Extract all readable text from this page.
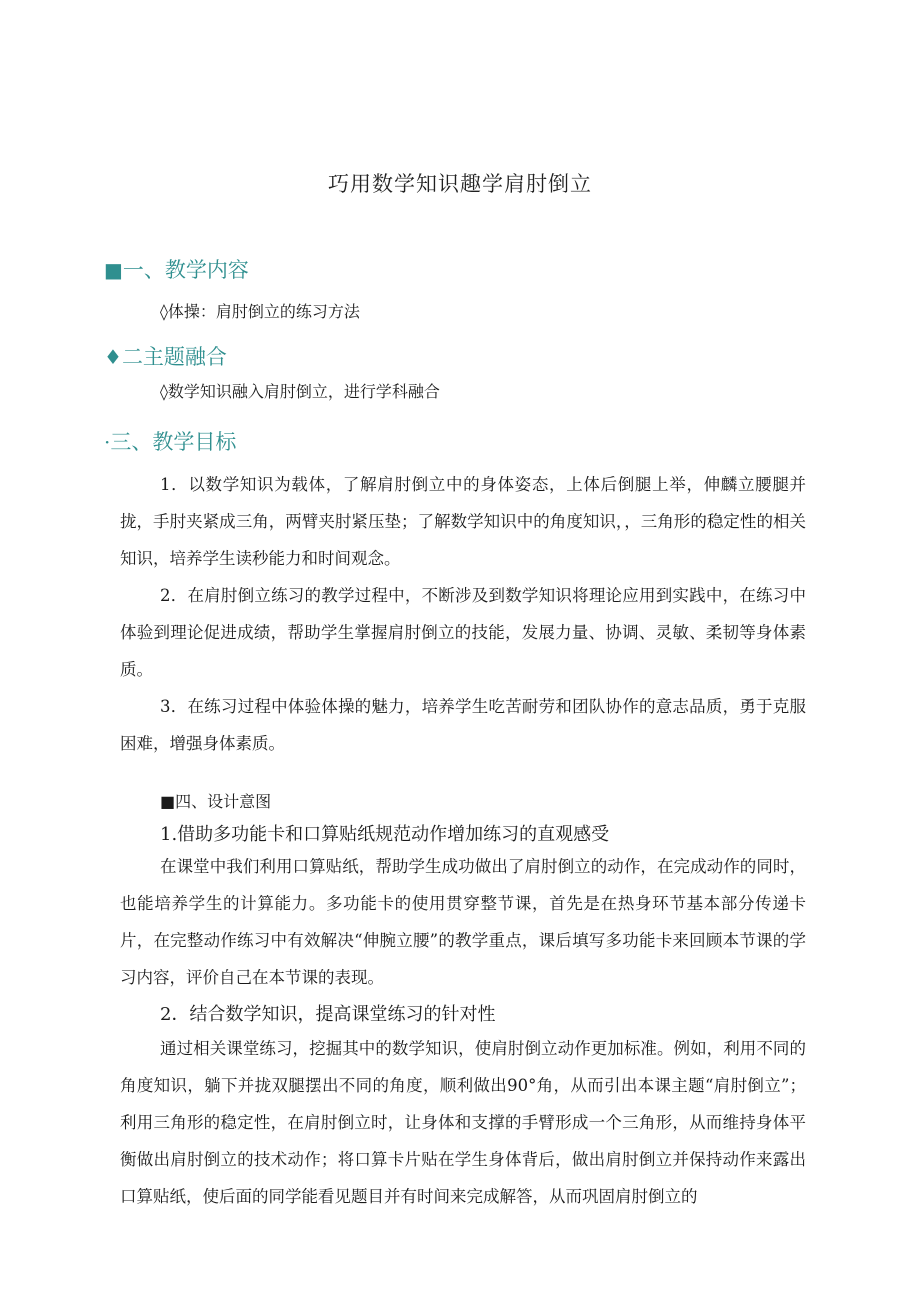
巧用数学知识趣学肩肘倒立
■一、教学内容
◊体操：肩肘倒立的练习方法
♦二主题融合
◊数学知识融入肩肘倒立，进行学科融合
·三、教学目标

1．以数学知识为载体，了解肩肘倒立中的身体姿态，上体后倒腿上举，伸麟立腰腿并拢，手肘夹紧成三角，两臂夹肘紧压垫；了解数学知识中的角度知识，，三角形的稳定性的相关知识，培养学生读秒能力和时间观念。

2．在肩肘倒立练习的教学过程中，不断涉及到数学知识将理论应用到实践中，在练习中体验到理论促进成绩，帮助学生掌握肩肘倒立的技能，发展力量、协调、灵敏、柔韧等身体素质。

3．在练习过程中体验体操的魅力，培养学生吃苦耐劳和团队协作的意志品质，勇于克服困难，增强身体素质。

■四、设计意图
1.借助多功能卡和口算贴纸规范动作增加练习的直观感受

在课堂中我们利用口算贴纸，帮助学生成功做出了肩肘倒立的动作，在完成动作的同时，也能培养学生的计算能力。多功能卡的使用贯穿整节课，首先是在热身环节基本部分传递卡片，在完整动作练习中有效解决“伸腕立腰”的教学重点，课后填写多功能卡来回顾本节课的学习内容，评价自己在本节课的表现。

2．结合数学知识，提高课堂练习的针对性

通过相关课堂练习，挖掘其中的数学知识，使肩肘倒立动作更加标准。例如，利用不同的角度知识，躺下并拢双腿摆出不同的角度，顺利做出90°角，从而引出本课主题“肩肘倒立”；利用三角形的稳定性，在肩肘倒立时，让身体和支撑的手臂形成一个三角形，从而维持身体平衡做出肩肘倒立的技术动作；将口算卡片贴在学生身体背后，做出肩肘倒立并保持动作来露出口算贴纸，使后面的同学能看见题目并有时间来完成解答，从而巩固肩肘倒立的
